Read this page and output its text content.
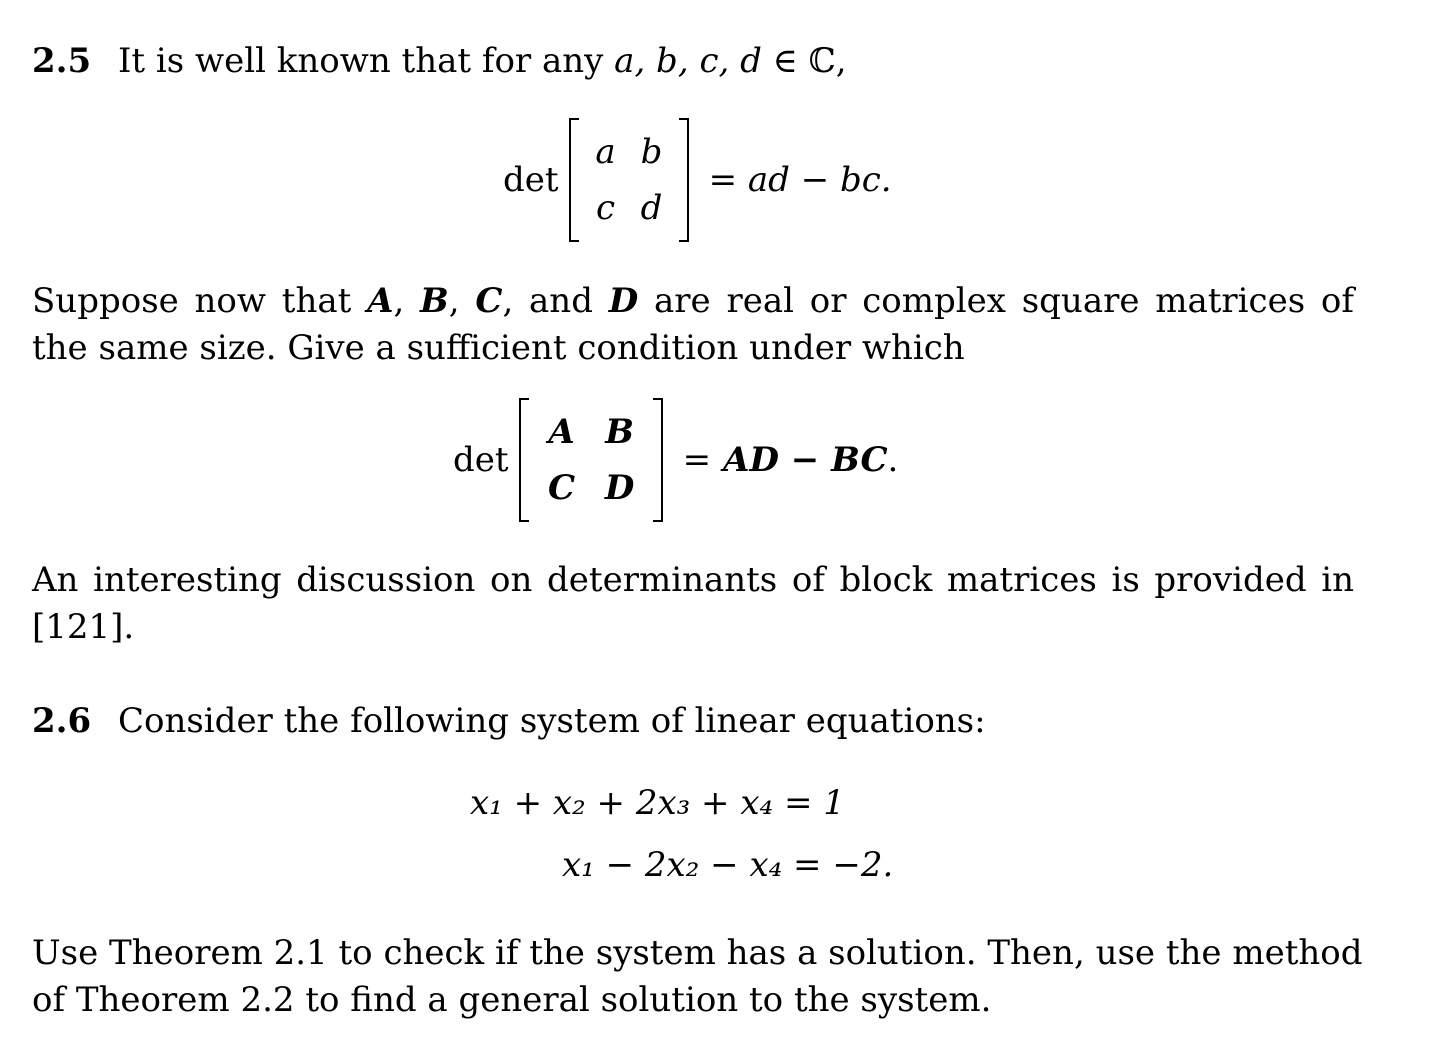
2.5 It is well known that for any a, b, c, d ∈ ℂ,
det
a b
c d
= ad − bc.
Suppose now that A, B, C, and D are real or complex square matrices of
the same size. Give a sufficient condition under which
det
A B
C D
= AD − BC .
An interesting discussion on determinants of block matrices is provided in
[121].
2.6 Consider the following system of linear equations:
x₁ + x₂ + 2x₃ + x₄ = 1
x₁ − 2x₂ − x₄ = −2.
Use Theorem 2.1 to check if the system has a solution. Then, use the method
of Theorem 2.2 to find a general solution to the system.
